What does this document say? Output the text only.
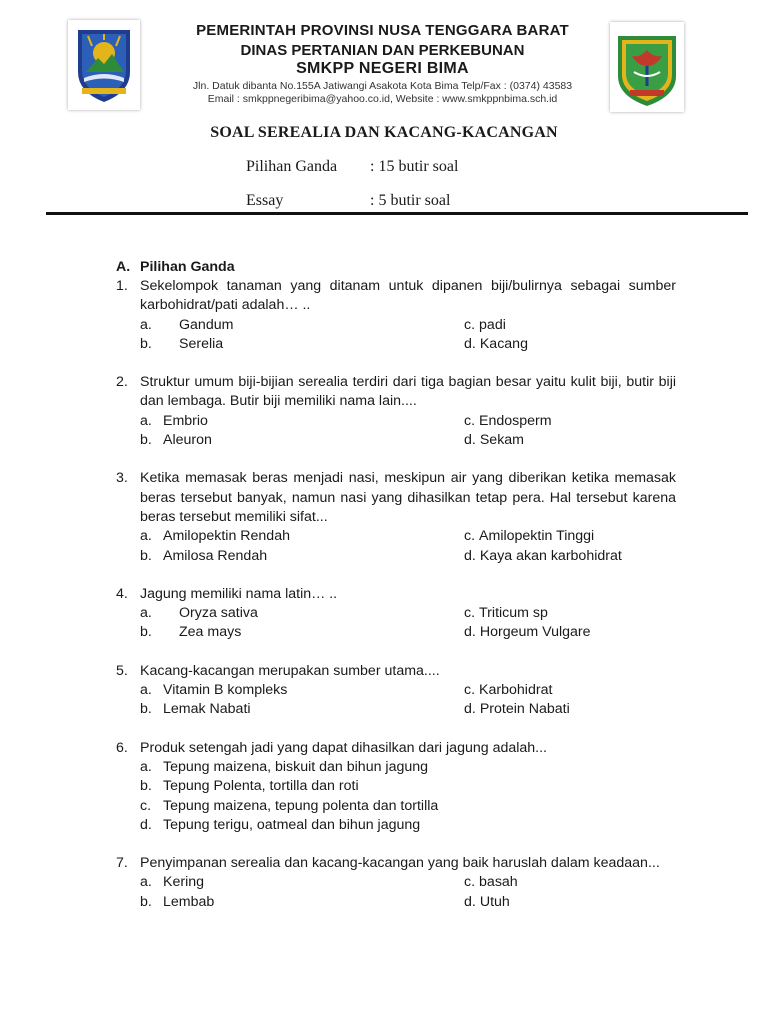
PEMERINTAH PROVINSI NUSA TENGGARA BARAT
DINAS PERTANIAN DAN PERKEBUNAN
SMKPP NEGERI BIMA
Jln. Datuk dibanta No.155A Jatiwangi Asakota Kota Bima Telp/Fax : (0374) 43583
Email : smkppnegeribima@yahoo.co.id, Website : www.smkppnbima.sch.id
SOAL SEREALIA DAN KACANG-KACANGAN
Pilihan Ganda : 15 butir soal
Essay	: 5 butir soal
A. Pilihan Ganda
1. Sekelompok tanaman yang ditanam untuk dipanen biji/bulirnya sebagai sumber karbohidrat/pati adalah… ..
a. Gandum	c. padi
b. Serelia	d. Kacang
2. Struktur umum biji-bijian serealia terdiri dari tiga bagian besar yaitu kulit biji, butir biji dan lembaga. Butir biji memiliki nama lain....
a. Embrio	c. Endosperm
b. Aleuron	d. Sekam
3. Ketika memasak beras menjadi nasi, meskipun air yang diberikan ketika memasak beras tersebut banyak, namun nasi yang dihasilkan tetap pera. Hal tersebut karena beras tersebut memiliki sifat...
a. Amilopektin Rendah	c. Amilopektin Tinggi
b. Amilosa Rendah	d. Kaya akan karbohidrat
4. Jagung memiliki nama latin… ..
a. Oryza sativa	c. Triticum sp
b. Zea mays	d. Horgeum Vulgare
5. Kacang-kacangan merupakan sumber utama....
a. Vitamin B kompleks	c. Karbohidrat
b. Lemak Nabati	d. Protein Nabati
6. Produk setengah jadi yang dapat dihasilkan dari jagung adalah...
a. Tepung maizena, biskuit dan bihun jagung
b. Tepung Polenta, tortilla dan roti
c. Tepung maizena, tepung polenta dan tortilla
d. Tepung terigu, oatmeal dan bihun jagung
7. Penyimpanan serealia dan kacang-kacangan yang baik haruslah dalam keadaan...
a. Kering	c. basah
b. Lembab	d. Utuh
